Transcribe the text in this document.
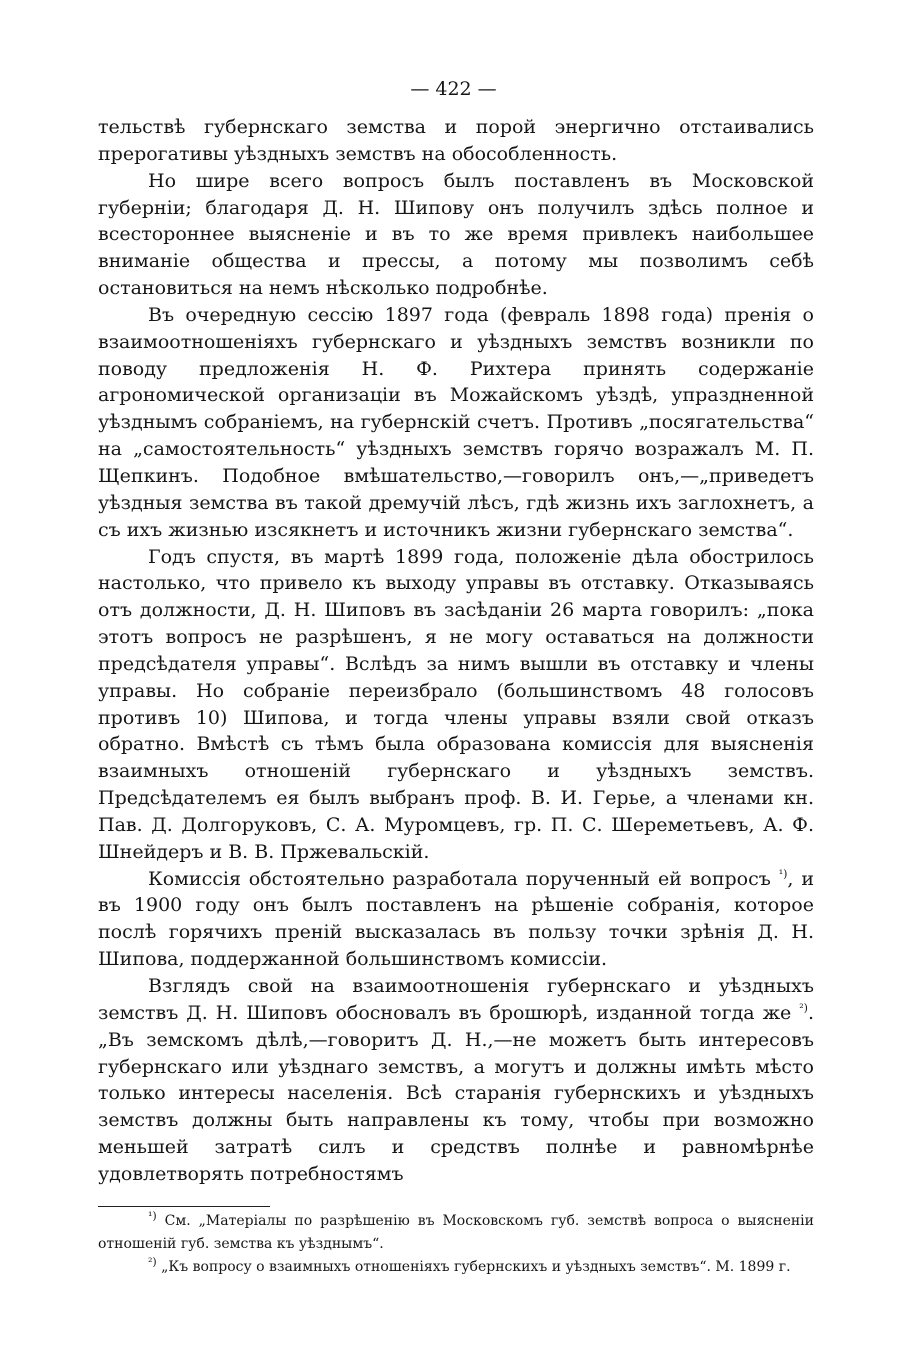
— 422 —

тельствѣ губернскаго земства и порой энергично отстаивались прерогативы уѣздныхъ земствъ на обособленность.

Но шире всего вопросъ былъ поставленъ въ Московской губерніи; благодаря Д. Н. Шипову онъ получилъ здѣсь полное и всестороннее выясненіе и въ то же время привлекъ наибольшее вниманіе общества и прессы, а потому мы позволимъ себѣ остановиться на немъ нѣсколько подробнѣе.

Въ очередную сессію 1897 года (февраль 1898 года) пренія о взаимоотношеніяхъ губернскаго и уѣздныхъ земствъ возникли по поводу предложенія Н. Ф. Рихтера принять содержаніе агрономической организаціи въ Можайскомъ уѣздѣ, упраздненной уѣзднымъ собраніемъ, на губернскій счетъ. Противъ „посягательства“ на „самостоятельность“ уѣздныхъ земствъ горячо возражалъ М. П. Щепкинъ. Подобное вмѣшательство,—говорилъ онъ,—„приведетъ уѣздныя земства въ такой дремучій лѣсъ, гдѣ жизнь ихъ заглохнетъ, а съ ихъ жизнью изсякнетъ и источникъ жизни губернскаго земства“.

Годъ спустя, въ мартѣ 1899 года, положеніе дѣла обострилось настолько, что привело къ выходу управы въ отставку. Отказываясь отъ должности, Д. Н. Шиповъ въ засѣданіи 26 марта говорилъ: „пока этотъ вопросъ не разрѣшенъ, я не могу оставаться на должности предсѣдателя управы“. Вслѣдъ за нимъ вышли въ отставку и члены управы. Но собраніе переизбрало (большинствомъ 48 голосовъ противъ 10) Шипова, и тогда члены управы взяли свой отказъ обратно. Вмѣстѣ съ тѣмъ была образована комиссія для выясненія взаимныхъ отношеній губернскаго и уѣздныхъ земствъ. Предсѣдателемъ ея былъ выбранъ проф. В. И. Герье, а членами кн. Пав. Д. Долгоруковъ, С. А. Муромцевъ, гр. П. С. Шереметьевъ, А. Ф. Шнейдеръ и В. В. Пржевальскій.

Комиссія обстоятельно разработала порученный ей вопросъ $^{^1)}$, и въ 1900 году онъ былъ поставленъ на рѣшеніе собранія, которое послѣ горячихъ преній высказалась въ пользу точки зрѣнія Д. Н. Шипова, поддержанной большинствомъ комиссіи.

Взглядъ свой на взаимоотношенія губернскаго и уѣздныхъ земствъ Д. Н. Шиповъ обосновалъ въ брошюрѣ, изданной тогда же $^{^2)}$. „Въ земскомъ дѣлѣ,—говоритъ Д. Н.,—не можетъ быть интересовъ губернскаго или уѣзднаго земствъ, а могутъ и должны имѣть мѣсто только интересы населенія. Всѣ старанія губернскихъ и уѣздныхъ земствъ должны быть направлены къ тому, чтобы при возможно меньшей затратѣ силъ и средствъ полнѣе и равномѣрнѣе удовлетворять потребностямъ

$^{^1)}$ См. „Матеріалы по разрѣшенію въ Московскомъ губ. земствѣ вопроса о выясненіи отношеній губ. земства къ уѣзднымъ“.

$^{^2)}$ „Къ вопросу о взаимныхъ отношеніяхъ губернскихъ и уѣздныхъ земствъ“. М. 1899 г.
